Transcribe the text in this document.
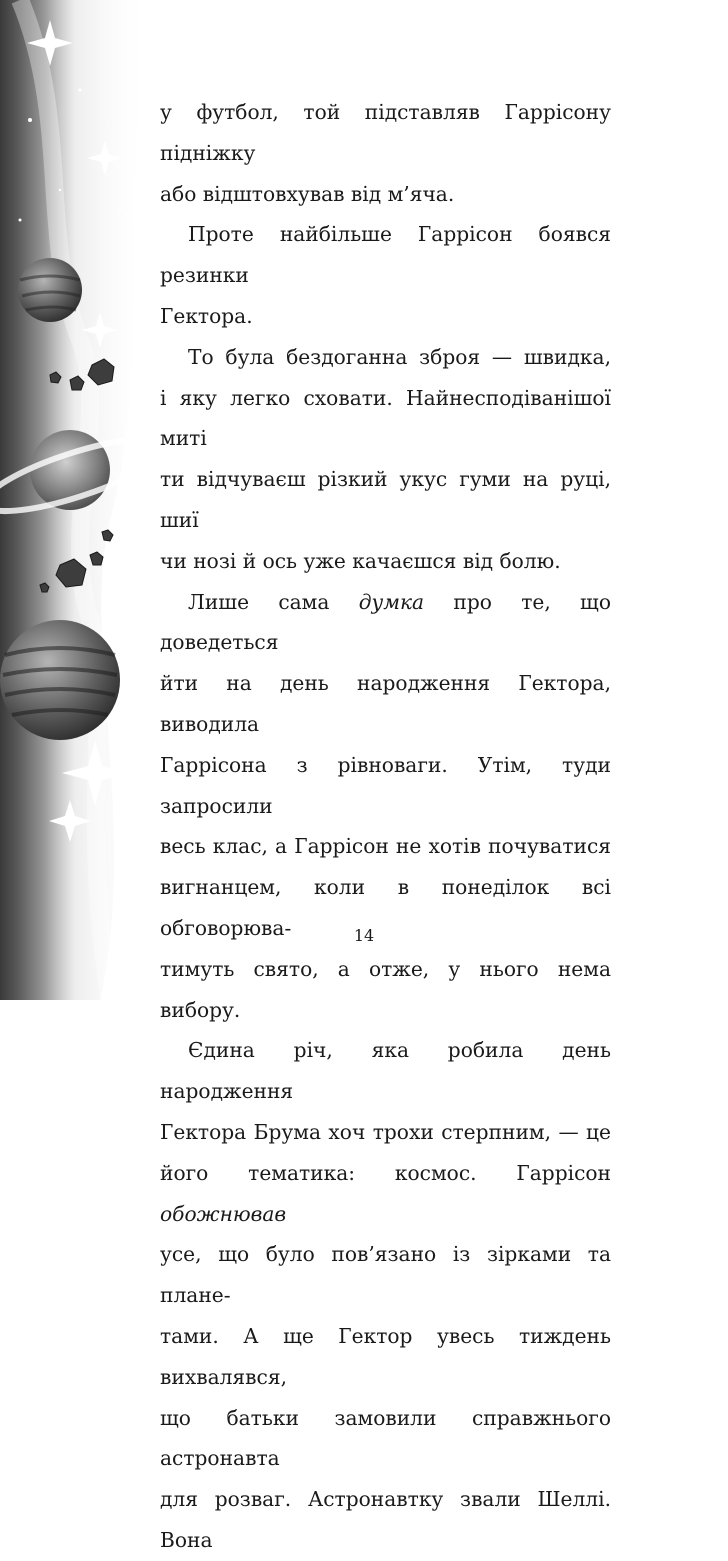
у футбол, той підставляв Гаррісону підніжку

або відштовхував від м’яча.

Проте найбільше Гаррісон боявся резинки

Гектора.

То була бездоганна зброя — швидка,

і яку легко сховати. Найнесподіванішої миті

ти відчуваєш різкий укус гуми на руці, шиї

чи нозі й ось уже качаєшся від болю.

Лише сама думка про те, що доведеться

йти на день народження Гектора, виводила

Гаррісона з рівноваги. Утім, туди запросили

весь клас, а Гаррісон не хотів почуватися

вигнанцем, коли в понеділок всі обговорюва-

тимуть свято, а отже, у нього нема вибору.

Єдина річ, яка робила день народження

Гектора Брума хоч трохи стерпним, — це

його тематика: космос. Гаррісон обожнював

усе, що було пов’язано із зірками та плане-

тами. А ще Гектор увесь тиждень вихвалявся,

що батьки замовили справжнього астронавта

для розваг. Астронавтку звали Шеллі. Вона

14
